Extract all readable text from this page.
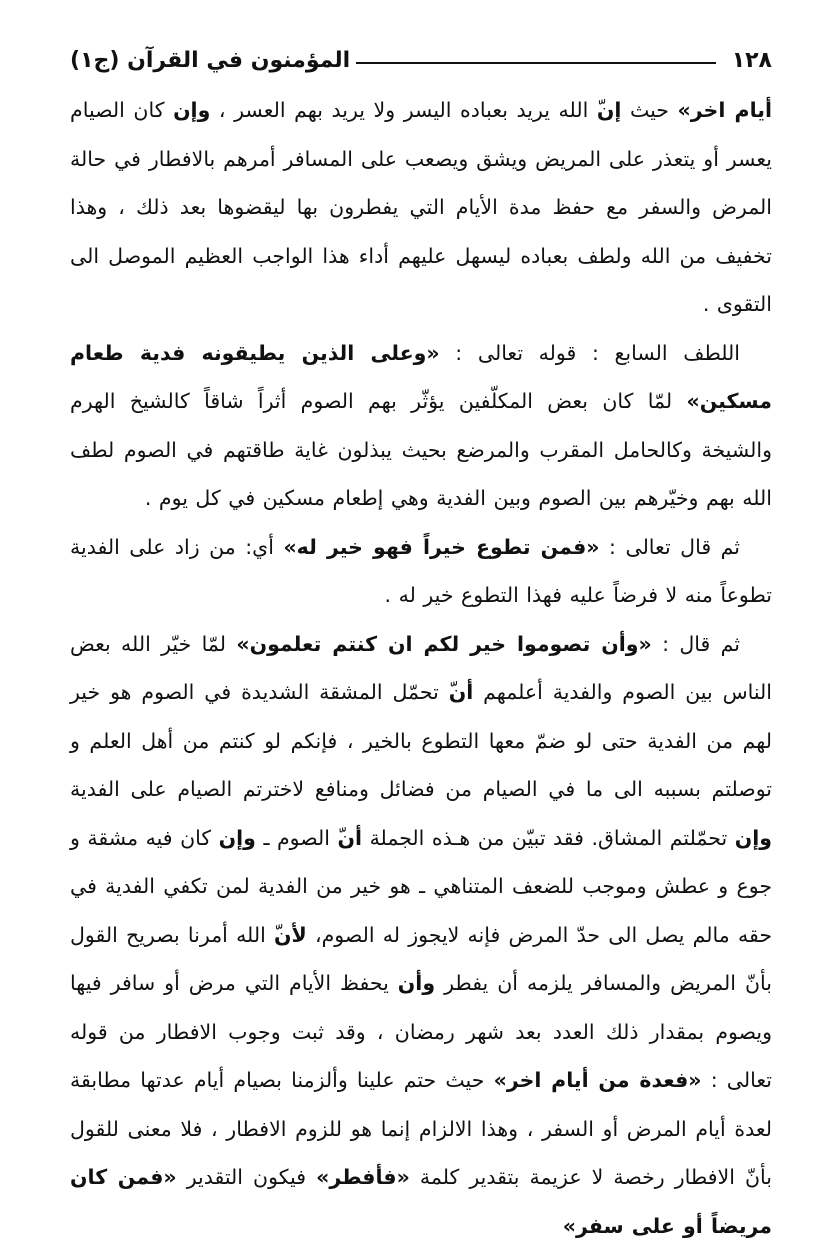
١٢٨
المؤمنون في القرآن (ج١)

أيام اخر» حيث إنّ الله يريد بعباده اليسر ولا يريد بهم العسر ، وإن كان الصيام يعسر أو يتعذر على المريض ويشق ويصعب على المسافر أمرهم بالافطار في حالة المرض والسفر مع حفظ مدة الأيام التي يفطرون بها ليقضوها بعد ذلك ، وهذا تخفيف من الله ولطف بعباده ليسهل عليهم أداء هذا الواجب العظيم الموصل الى التقوى .

اللطف السابع : قوله تعالى : «وعلى الذين يطيقونه فدية طعام مسكين» لمّا كان بعض المكلّفين يؤثّر بهم الصوم أثراً شاقاً كالشيخ الهرم والشيخة وكالحامل المقرب والمرضع بحيث يبذلون غاية طاقتهم في الصوم لطف الله بهم وخيّرهم بين الصوم وبين الفدية وهي إطعام مسكين في كل يوم .

ثم قال تعالى : «فمن تطوع خيراً فهو خير له» أي: من زاد على الفدية تطوعاً منه لا فرضاً عليه فهذا التطوع خير له .

ثم قال : «وأن تصوموا خير لكم ان كنتم تعلمون» لمّا خيّر الله بعض الناس بين الصوم والفدية أعلمهم أنّ تحمّل المشقة الشديدة في الصوم هو خير لهم من الفدية حتى لو ضمّ معها التطوع بالخير ، فإنكم لو كنتم من أهل العلم و توصلتم بسببه الى ما في الصيام من فضائل ومنافع لاخترتم الصيام على الفدية وإن تحمّلتم المشاق. فقد تبيّن من هـذه الجملة أنّ الصوم ـ وإن كان فيه مشقة و جوع و عطش وموجب للضعف المتناهي ـ هو خير من الفدية لمن تكفي الفدية في حقه مالم يصل الى حدّ المرض فإنه لايجوز له الصوم، لأنّ الله أمرنا بصريح القول بأنّ المريض والمسافر يلزمه أن يفطر وأن يحفظ الأيام التي مرض أو سافر فيها ويصوم بمقدار ذلك العدد بعد شهر رمضان ، وقد ثبت وجوب الافطار من قوله تعالى : «فعدة من أيام اخر» حيث حتم علينا وألزمنا بصيام أيام عدتها مطابقة لعدة أيام المرض أو السفر ، وهذا الالزام إنما هو للزوم الافطار ، فلا معنى للقول بأنّ الافطار رخصة لا عزيمة بتقدير كلمة «فأفطر» فيكون التقدير «فمن كان مريضاً أو على سفر»
